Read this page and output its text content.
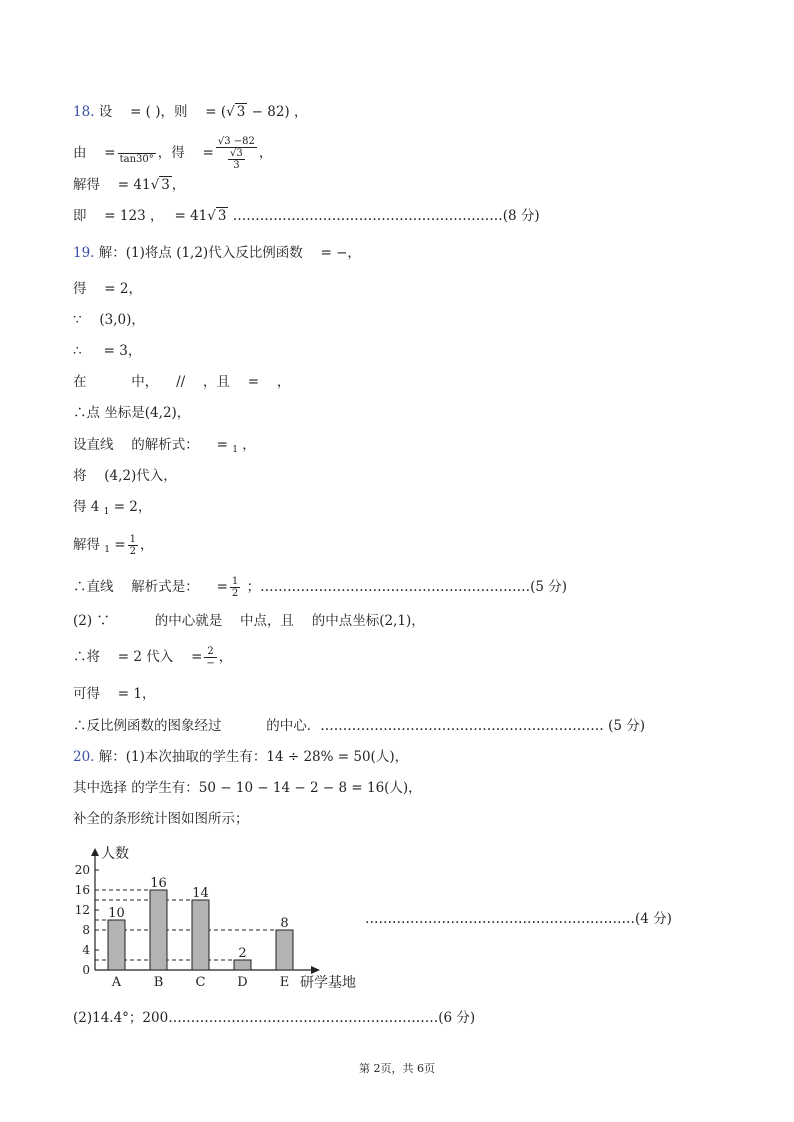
18. 设 　= ( )，则 　= (√ 3 − 82) ，
由 　=
tan30° ，得 　= $\frac{√3 -82}{\frac{√3}{3}}$ ，
解得 　= 41√ 3 ，
即 　= 123 ，　 = 41√ 3 ……………………………………………………(8 分)
19. 解：(1)将点 (1,2)代入反比例函数 　= −，
得 　= 2，
∵ 　(3,0)，
∴ 　 = 3，
在 　　　中， 　// 　，且 　= 　，
∴点 坐标是(4,2)，
设直线 　的解析式： 　= $_1$ ，
将 　(4,2)代入，
得 4 $_1$ = 2，
解得 $_1 = \frac{1}{2}$ ，
∴直线 　解析式是： 　= $\frac{1}{2}$ ；……………………………………………………(5 分)
(2) ∵ 　　　的中心就是 　中点，且 　的中点坐标(2,1)，
∴将 　= 2 代入 　= $\frac{2}{-}$ ，
可得 　= 1，
∴反比例函数的图象经过 　　　的中心．……………………………………………………… (5 分)
20. 解：(1)本次抽取的学生有：14 ÷ 28% = 50(人)，
其中选择 的学生有：50 − 10 − 14 − 2 − 8 = 16(人)，
补全的条形统计图如图所示；
人数
研学基地
0
4
8
12
16
20
10
A
16
B
14
C
2
D
8
E
……………………………………………………(4 分)
(2)14.4°；200……………………………………………………(6 分)
第 2页，共 6页
